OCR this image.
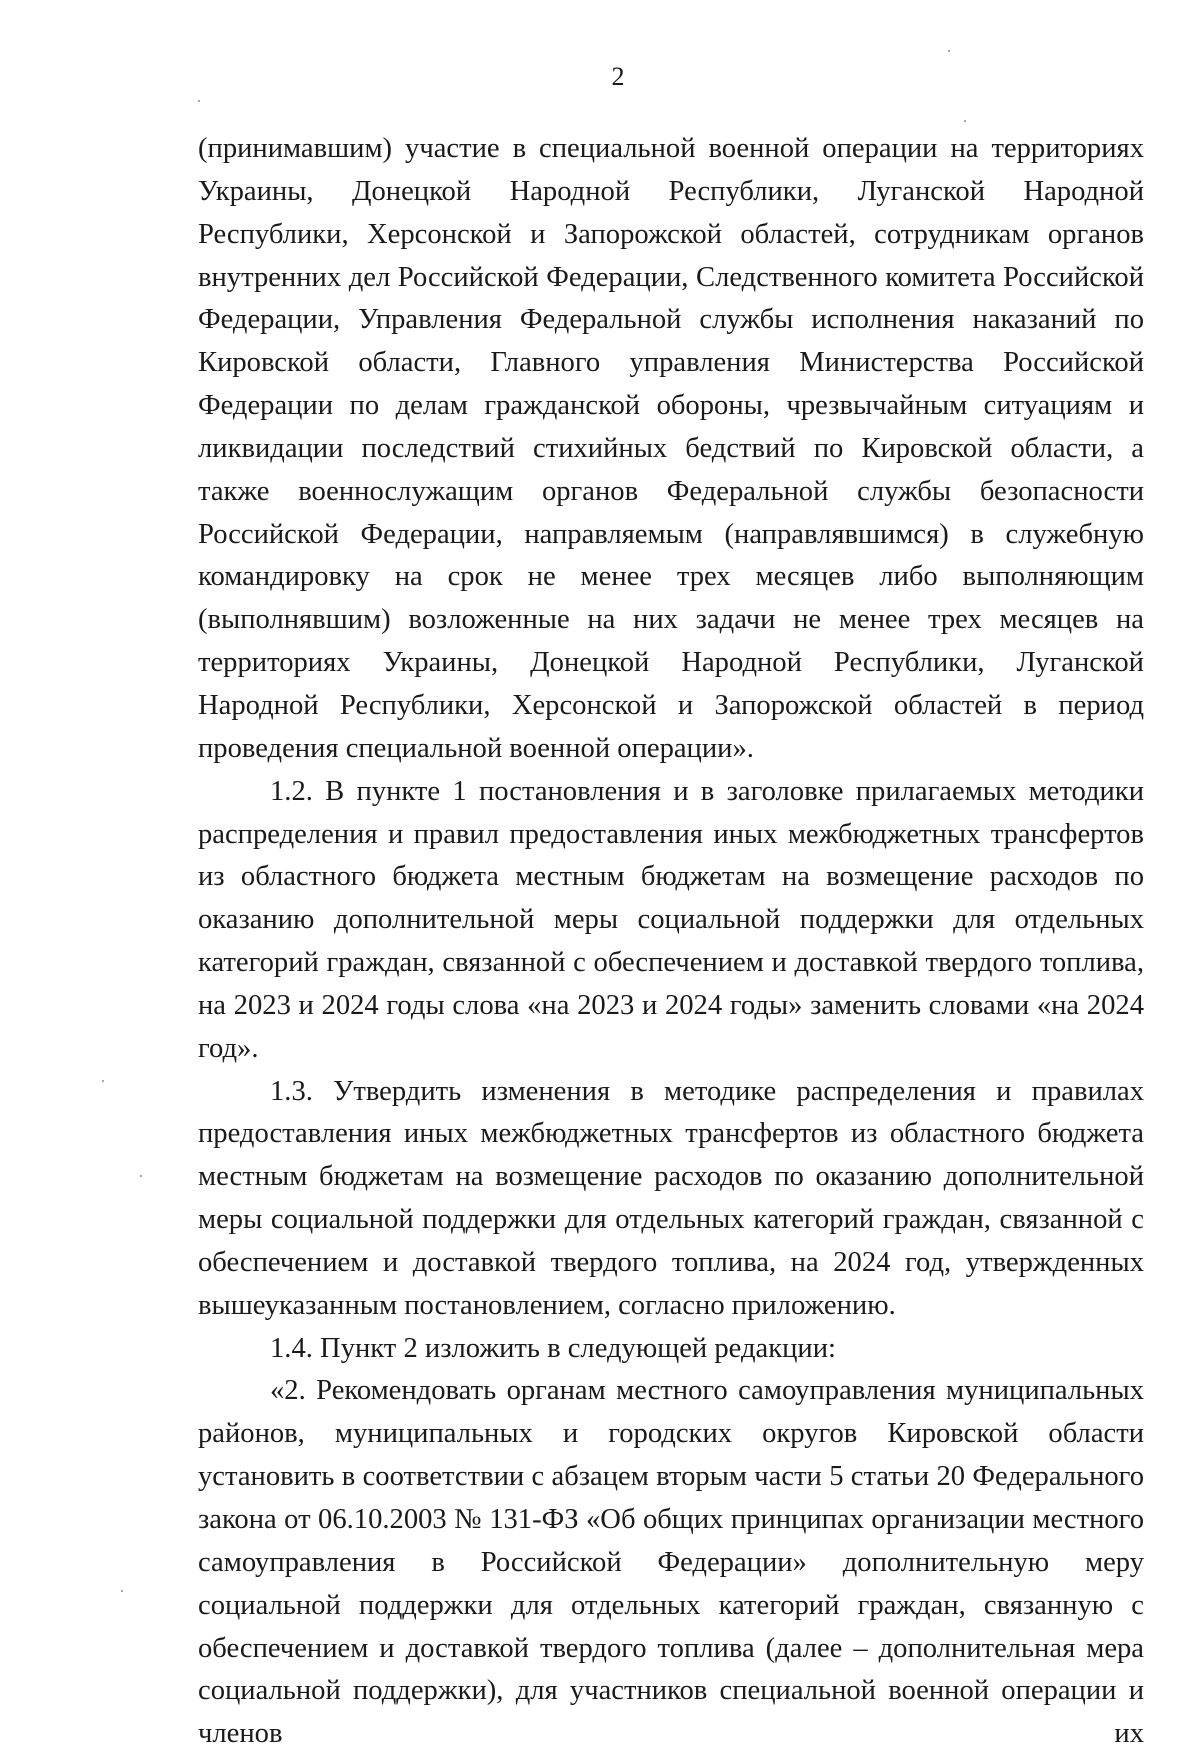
2

(принимавшим) участие в специальной военной операции на территориях Украины, Донецкой Народной Республики, Луганской Народной Республики, Херсонской и Запорожской областей, сотрудникам органов внутренних дел Российской Федерации, Следственного комитета Российской Федерации, Управления Федеральной службы исполнения наказаний по Кировской области, Главного управления Министерства Российской Федерации по делам гражданской обороны, чрезвычайным ситуациям и ликвидации последствий стихийных бедствий по Кировской области, а также военнослужащим органов Федеральной службы безопасности Российской Федерации, направляемым (направлявшимся) в служебную командировку на срок не менее трех месяцев либо выполняющим (выполнявшим) возложенные на них задачи не менее трех месяцев на территориях Украины, Донецкой Народной Республики, Луганской Народной Республики, Херсонской и Запорожской областей в период проведения специальной военной операции».

1.2. В пункте 1 постановления и в заголовке прилагаемых методики распределения и правил предоставления иных межбюджетных трансфертов из областного бюджета местным бюджетам на возмещение расходов по оказанию дополнительной меры социальной поддержки для отдельных категорий граждан, связанной с обеспечением и доставкой твердого топлива, на 2023 и 2024 годы слова «на 2023 и 2024 годы» заменить словами «на 2024 год».

1.3. Утвердить изменения в методике распределения и правилах предоставления иных межбюджетных трансфертов из областного бюджета местным бюджетам на возмещение расходов по оказанию дополнительной меры социальной поддержки для отдельных категорий граждан, связанной с обеспечением и доставкой твердого топлива, на 2024 год, утвержденных вышеуказанным постановлением, согласно приложению.

1.4. Пункт 2 изложить в следующей редакции:

«2. Рекомендовать органам местного самоуправления муниципальных районов, муниципальных и городских округов Кировской области установить в соответствии с абзацем вторым части 5 статьи 20 Федерального закона от 06.10.2003 № 131-ФЗ «Об общих принципах организации местного самоуправления в Российской Федерации» дополнительную меру социальной поддержки для отдельных категорий граждан, связанную с обеспечением и доставкой твердого топлива (далее – дополнительная мера социальной поддержки), для участников специальной военной операции и членов их
